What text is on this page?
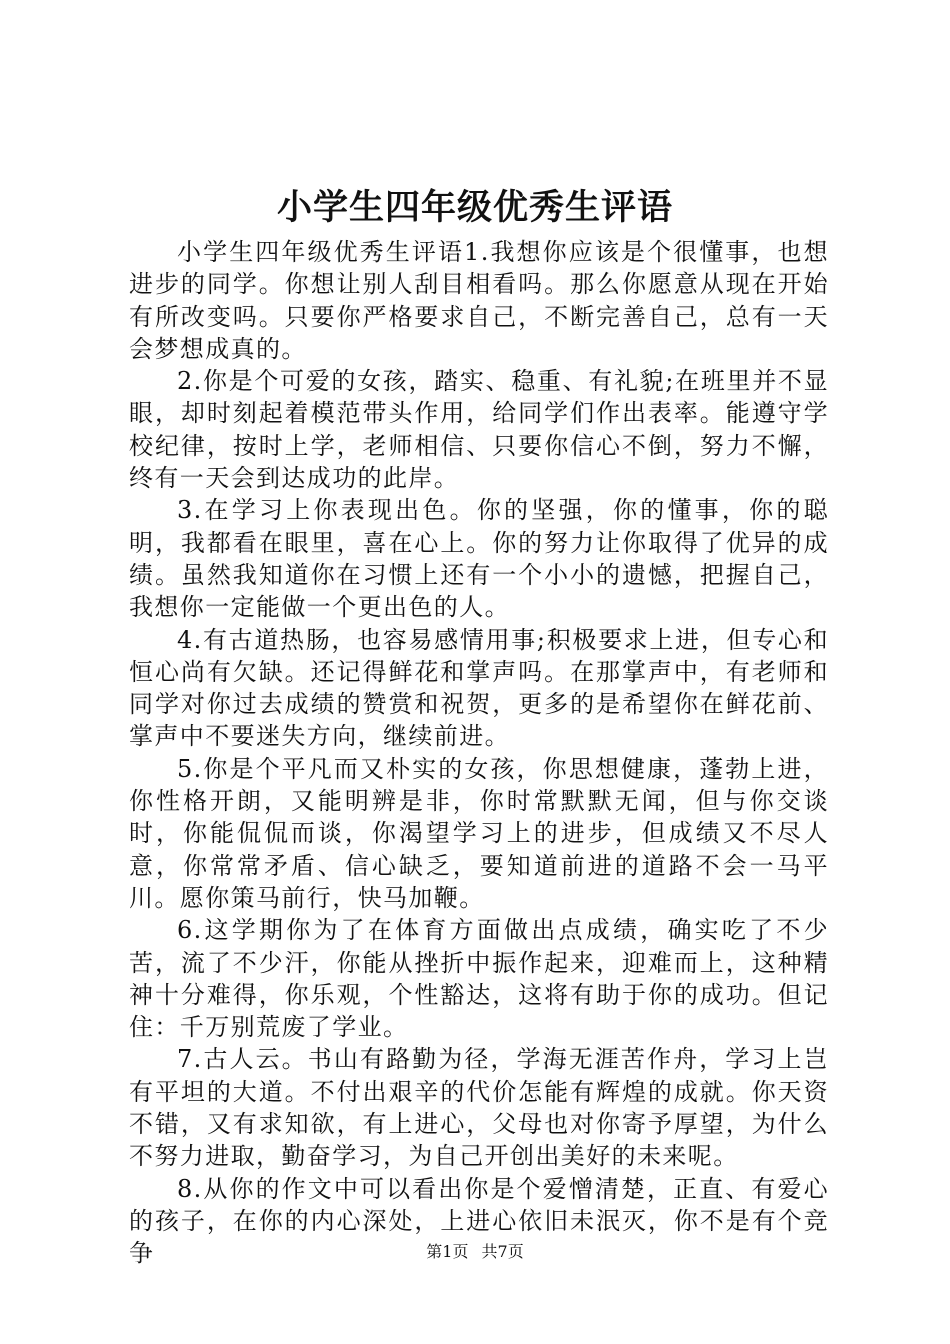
小学生四年级优秀生评语

小学生四年级优秀生评语1.我想你应该是个很懂事，也想进步的同学。你想让别人刮目相看吗。那么你愿意从现在开始有所改变吗。只要你严格要求自己，不断完善自己，总有一天会梦想成真的。

2.你是个可爱的女孩，踏实、稳重、有礼貌;在班里并不显眼，却时刻起着模范带头作用，给同学们作出表率。能遵守学校纪律，按时上学，老师相信、只要你信心不倒，努力不懈，终有一天会到达成功的此岸。

3.在学习上你表现出色。你的坚强，你的懂事，你的聪明，我都看在眼里，喜在心上。你的努力让你取得了优异的成绩。虽然我知道你在习惯上还有一个小小的遗憾，把握自己，我想你一定能做一个更出色的人。

4.有古道热肠，也容易感情用事;积极要求上进，但专心和恒心尚有欠缺。还记得鲜花和掌声吗。在那掌声中，有老师和同学对你过去成绩的赞赏和祝贺，更多的是希望你在鲜花前、掌声中不要迷失方向，继续前进。

5.你是个平凡而又朴实的女孩，你思想健康，蓬勃上进，你性格开朗，又能明辨是非，你时常默默无闻，但与你交谈时，你能侃侃而谈，你渴望学习上的进步，但成绩又不尽人意，你常常矛盾、信心缺乏，要知道前进的道路不会一马平川。愿你策马前行，快马加鞭。

6.这学期你为了在体育方面做出点成绩，确实吃了不少苦，流了不少汗，你能从挫折中振作起来，迎难而上，这种精神十分难得，你乐观，个性豁达，这将有助于你的成功。但记住：千万别荒废了学业。

7.古人云。书山有路勤为径，学海无涯苦作舟，学习上岂有平坦的大道。不付出艰辛的代价怎能有辉煌的成就。你天资不错，又有求知欲，有上进心，父母也对你寄予厚望，为什么不努力进取，勤奋学习，为自己开创出美好的未来呢。

8.从你的作文中可以看出你是个爱憎清楚，正直、有爱心的孩子，在你的内心深处，上进心依旧未泯灭，你不是有个竞争	第1页 共7页
